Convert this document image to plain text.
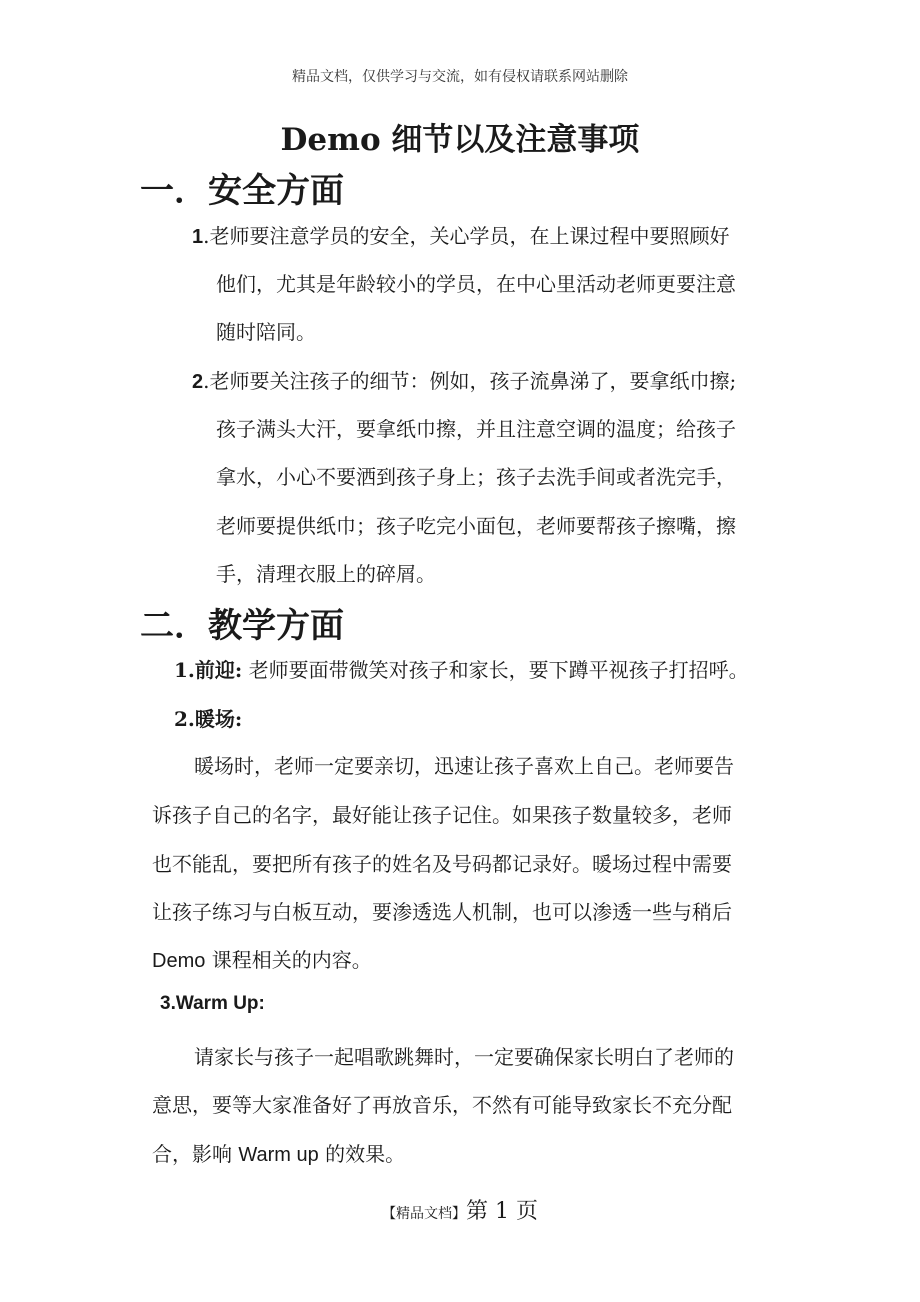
精品文档，仅供学习与交流，如有侵权请联系网站删除
Demo 细节以及注意事项
一．安全方面
1.老师要注意学员的安全，关心学员，在上课过程中要照顾好
他们，尤其是年龄较小的学员，在中心里活动老师更要注意
随时陪同。
2.老师要关注孩子的细节：例如，孩子流鼻涕了，要拿纸巾擦;
孩子满头大汗，要拿纸巾擦，并且注意空调的温度；给孩子
拿水，小心不要洒到孩子身上；孩子去洗手间或者洗完手，
老师要提供纸巾；孩子吃完小面包，老师要帮孩子擦嘴，擦
手，清理衣服上的碎屑。
二．教学方面
1.前迎: 老师要面带微笑对孩子和家长，要下蹲平视孩子打招呼。
2.暖场:
暖场时，老师一定要亲切，迅速让孩子喜欢上自己。老师要告
诉孩子自己的名字，最好能让孩子记住。如果孩子数量较多，老师
也不能乱，要把所有孩子的姓名及号码都记录好。暖场过程中需要
让孩子练习与白板互动，要渗透选人机制，也可以渗透一些与稍后
Demo 课程相关的内容。
3.Warm Up:
请家长与孩子一起唱歌跳舞时，一定要确保家长明白了老师的
意思，要等大家准备好了再放音乐，不然有可能导致家长不充分配
合，影响 Warm up 的效果。
【精品文档】第 1 页
